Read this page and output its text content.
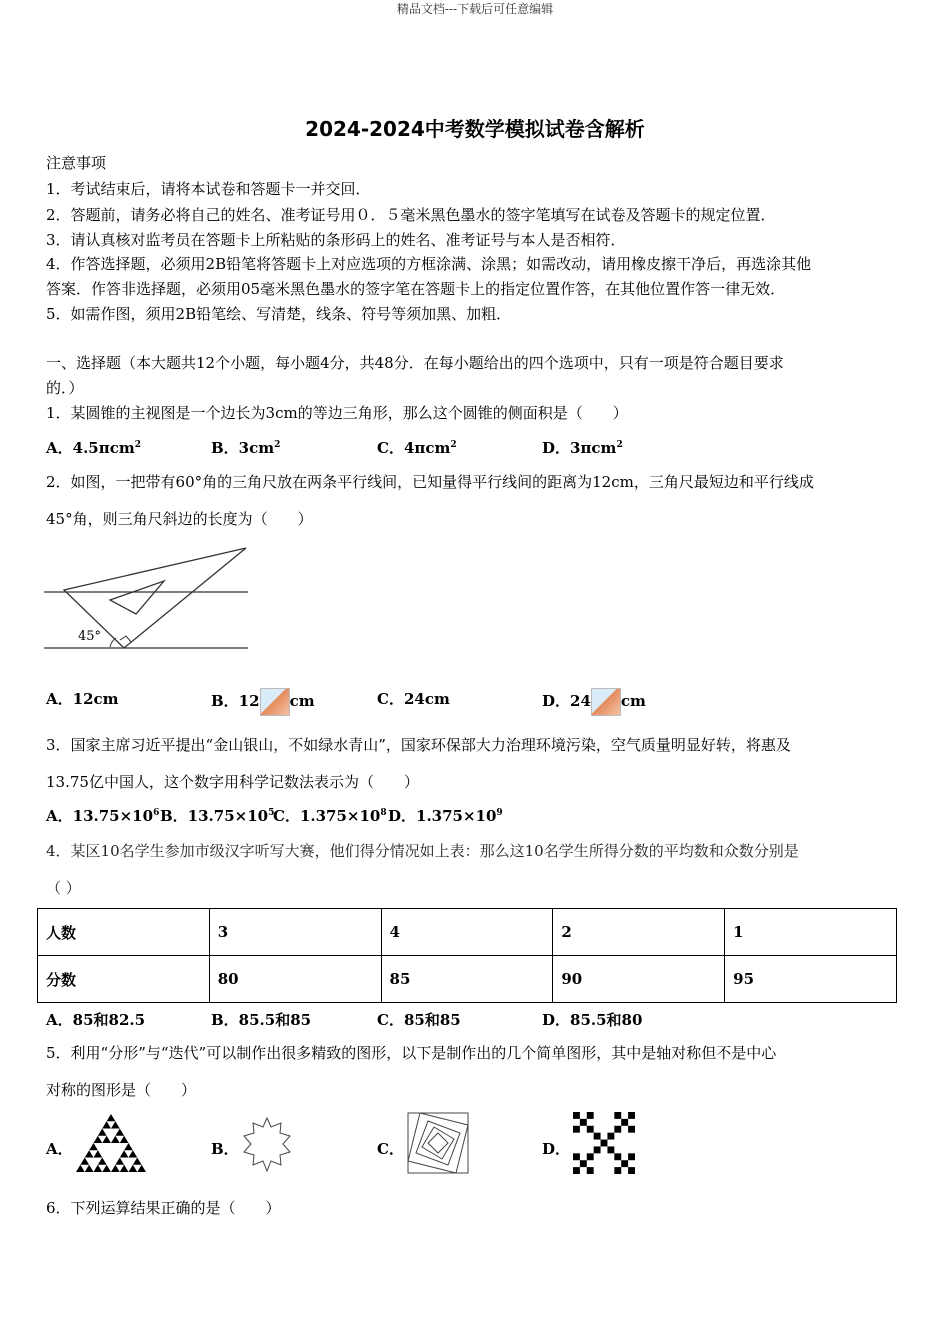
精品文档---下载后可任意编辑
2024-2024中考数学模拟试卷含解析
注意事项
1．考试结束后，请将本试卷和答题卡一并交回．
2．答题前，请务必将自己的姓名、准考证号用０．５毫米黑色墨水的签字笔填写在试卷及答题卡的规定位置．
3．请认真核对监考员在答题卡上所粘贴的条形码上的姓名、准考证号与本人是否相符．
4．作答选择题，必须用2B铅笔将答题卡上对应选项的方框涂满、涂黑；如需改动，请用橡皮擦干净后，再选涂其他
答案．作答非选择题，必须用05毫米黑色墨水的签字笔在答题卡上的指定位置作答，在其他位置作答一律无效．
5．如需作图，须用2B铅笔绘、写清楚，线条、符号等须加黑、加粗．
一、选择题（本大题共12个小题，每小题4分，共48分．在每小题给出的四个选项中，只有一项是符合题目要求
的．）
1．某圆锥的主视图是一个边长为3cm的等边三角形，那么这个圆锥的侧面积是（　　）
A．4.5πcm$^2$	B．$3cm^2$	C．4πcm$^2$	D．3πcm$^2$
2．如图，一把带有60°角的三角尺放在两条平行线间，已知量得平行线间的距离为12cm，三角尺最短边和平行线成
45°角，则三角尺斜边的长度为（　　）
45°
A．12cm	B．12 cm	C．24cm	D．24 cm
3．国家主席习近平提出“金山银山，不如绿水青山”，国家环保部大力治理环境污染，空气质量明显好转，将惠及
13.75亿中国人，这个数字用科学记数法表示为（　　）
A．$13.75\times 10^6$ B．$13.75\times 10^5$
C．$1.375\times 10^8$ D．$1.375\times 10^9$
4．某区10名学生参加市级汉字听写大赛，他们得分情况如上表：那么这10名学生所得分数的平均数和众数分别是
（ ）
人数	3	4	2	1
分数	80	85	90	95
A．85和82.5	B．85.5和85	C．85和85	D．85.5和80
5．利用“分形”与“迭代”可以制作出很多精致的图形，以下是制作出的几个简单图形，其中是轴对称但不是中心
对称的图形是（　　）
A．	B．	C．	D．
6．下列运算结果正确的是（　　）
